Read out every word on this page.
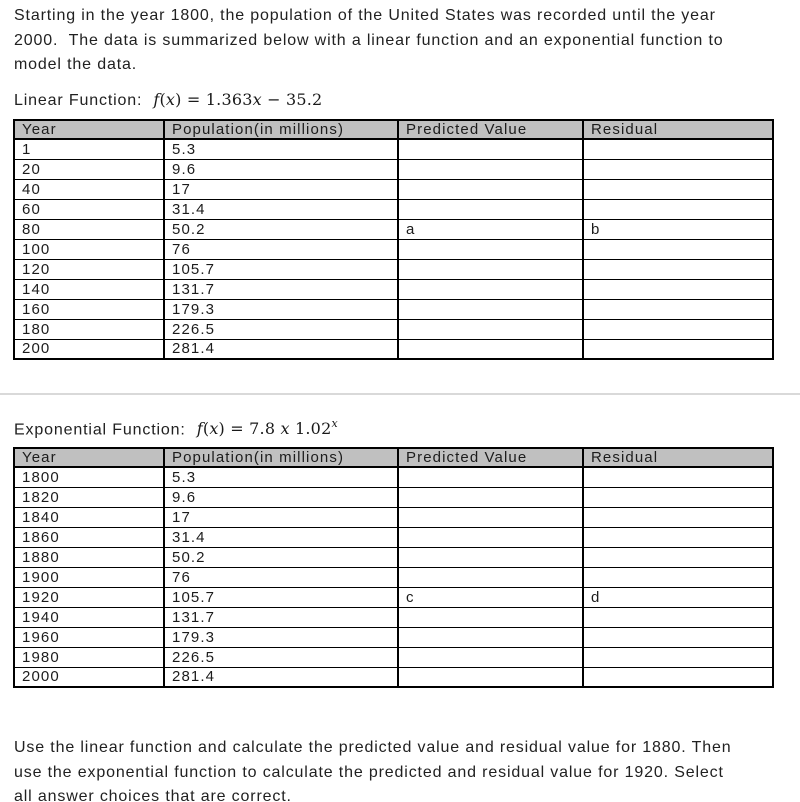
Starting in the year 1800, the population of the United States was recorded until the year
2000.  The data is summarized below with a linear function and an exponential function to
model the data.
Linear Function: f(x) = 1.363x − 35.2
Year	Population(in millions)	Predicted Value	Residual
1	5.3		
20	9.6		
40	17		
60	31.4		
80	50.2	a	b
100	76		
120	105.7		
140	131.7		
160	179.3		
180	226.5		
200	281.4		
Exponential Function: f(x) = 7.8 x 1.02$^x$
Year	Population(in millions)	Predicted Value	Residual
1800	5.3		
1820	9.6		
1840	17		
1860	31.4		
1880	50.2		
1900	76		
1920	105.7	c	d
1940	131.7		
1960	179.3		
1980	226.5		
2000	281.4		
Use the linear function and calculate the predicted value and residual value for 1880. Then
use the exponential function to calculate the predicted and residual value for 1920. Select
all answer choices that are correct.
